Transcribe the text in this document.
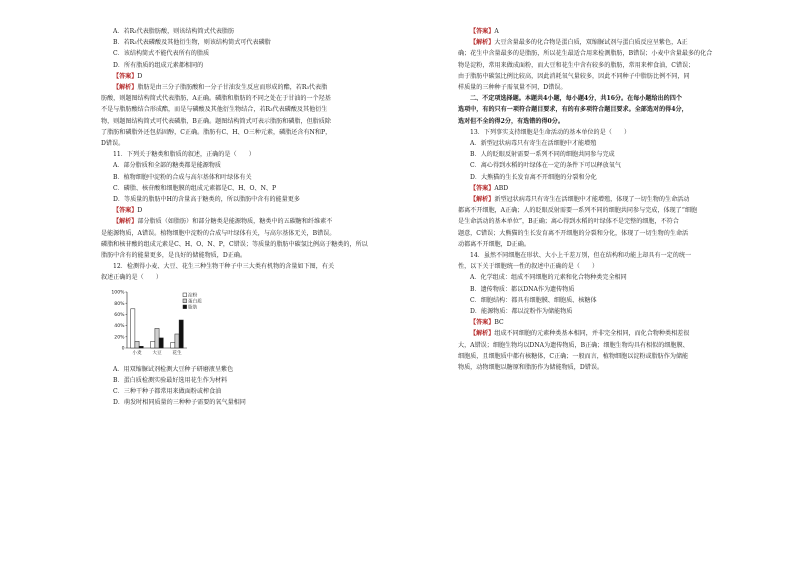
A．若R₃代表脂肪酸，则该结构简式代表脂肪
B．若R₃代表磷酸及其他衍生物，则该结构简式可代表磷脂
C．该结构简式不能代表所有的脂质
D．所有脂质的组成元素都相同的
【答案】D
【解析】脂肪是由三分子脂肪酸和一分子甘油发生反应而形成的酯，若R₃代表脂
肪酸，则题图结构简式代表脂肪，A正确。磷脂和脂肪的不同之处在于甘油的一个羟基
不是与脂肪酸结合形成酯，而是与磷酸及其他衍生物结合，若R₃代表磷酸及其他衍生
物，则题图结构简式可代表磷脂，B正确。题图结构简式可表示脂肪和磷脂，但脂质除
了脂肪和磷脂外还包括固醇，C正确。脂肪有C、H、O三种元素，磷脂还含有N和P，
D错误。
11．下列关于糖类和脂质的叙述，正确的是（　　）
A．部分脂质和全部的糖类都是能源物质
B．植物细胞中淀粉的合成与高尔基体和叶绿体有关
C．磷脂、核苷酸和细胞膜的组成元素都是C、H、O、N、P
D．等质量的脂肪中H的含量高于糖类的，所以脂肪中含有的能量更多
【答案】D
【解析】部分脂质（如脂肪）和部分糖类是能源物质，糖类中的五碳糖和纤维素不
是能源物质，A错误。植物细胞中淀粉的合成与叶绿体有关，与高尔基体无关，B错误。
磷脂和核苷酸的组成元素是C、H、O、N、P，C错误；等质量的脂肪中碳氢比例高于糖类的，所以
脂肪中含有的能量更多，是良好的储能物质，D正确。
12．检测得小麦、大豆、花生三种生物干种子中三大类有机物的含量如下图，有关
叙述正确的是（　　）
100%
80%
60%
40%
20%
0
小麦 大豆 花生
淀粉
蛋白质
脂肪
A．用双缩脲试剂检测大豆种子研磨液呈紫色
B．蛋白质检测实验最好选用花生作为材料
C．三种干种子都常用来做面粉或榨食油
D．萌发时相同质量的三种种子需要的氧气量相同
【答案】A
【解析】大豆含量最多的化合物是蛋白质，双缩脲试剂与蛋白质反应呈紫色，A正
确；花生中含量最多的是脂肪，所以花生最适合用来检测脂肪，B错误；小麦中含量最多的化合
物是淀粉，常用来做成面粉，而大豆和花生中含有较多的脂肪，常用来榨食油，C错误；
由于脂肪中碳氢比例比较高，因此消耗氧气量较多，因此不同种子中脂肪比例不同，同
样质量的三种种子需氧量不同，D错误。
二、不定项选择题。本题共4小题，每小题4分，共16分。在每小题给出的四个
选项中，有的只有一项符合题目要求，有的有多项符合题目要求。全部选对的得4分，
选对但不全的得2分，有选错的得0分。
13．下列事实支持细胞是生命活动的基本单位的是（　　）
A．新型冠状病毒只有寄生在活细胞中才能增殖
B．人的眨眼反射需要一系列不同的细胞共同参与完成
C．离心得到水稻的叶绿体在一定的条件下可以释放氧气
D．大熊猫的生长发育离不开细胞的分裂和分化
【答案】ABD
【解析】新型冠状病毒只有寄生在活细胞中才能增殖，体现了一切生物的生命活动
都离不开细胞，A正确；人的眨眼反射需要一系列不同的细胞共同参与完成，体现了“细胞
是生命活动的基本单位”，B正确；离心得到水稻的叶绿体不是完整的细胞，不符合
题意，C错误；大熊猫的生长发育离不开细胞的分裂和分化，体现了一切生物的生命活
动都离不开细胞，D正确。
14．虽然不同细胞在形状、大小上千差万别，但在结构和功能上却具有一定的统一
性，以下关于细胞统一性的叙述中正确的是（　　）
A．化学组成：组成不同细胞的元素和化合物种类完全相同
B．遗传物质：都以DNA作为遗传物质
C．细胞结构：都具有细胞膜、细胞质、核糖体
D．能源物质：都以淀粉作为储能物质
【答案】BC
【解析】组成不同细胞的元素种类基本相同，并非完全相同，而化合物种类相差很
大，A错误；细胞生物均以DNA为遗传物质，B正确；细胞生物均具有相似的细胞膜、
细胞质，且细胞质中都有核糖体，C正确；一般而言，植物细胞以淀粉或脂肪作为储能
物质，动物细胞以糖原和脂肪作为储能物质，D错误。
